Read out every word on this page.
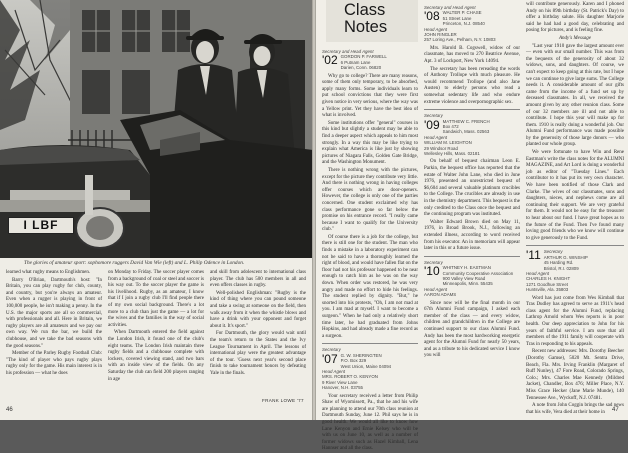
I LBF
The glories of amateur sport: sophomore ruggers David Van Wie (left) and L. Philip Odence in London.

learned what rugby means to Englishmen.

Barry O'Brian, Dartmouth's host: "In Britain, you can play rugby for club, county, and country, but you're always an amateur. Even when a rugger is playing in front of 100,000 people, he isn't making a penny. In the U.S. the major sports are all so commercial, with professionals and all. Here in Britain, we rugby players are all amateurs and we pay our own way. We run the bar, we build the clubhouse, and we take the bad seasons with the good seasons."

Member of the Parley Rugby Football Club: "The kind of player who pays rugby plays rugby only for the game. His main interest is in his profession — what he does

on Monday to Friday. The soccer player comes from a background of coal or steel and soccer is his way out. To the soccer player the game is his livelihood. Rugby, as an amateur, I know that if I join a rugby club I'll find people there of my own social background. There's a lot more to a club than just the game — a lot for the wives and the families in the way of social activities.

When Dartmouth entered the field against the London Irish, it found one of the club's eight teams. The London Irish maintain three rugby fields and a clubhouse complete with lockers, covered viewing stand, and two bars with an inside view of the fields. On any Saturday the club can field 200 players ranging in age

and skill from adolescent to international class player. The club has 500 members in all and even offers classes in rugby.

Well-polished Englishman: "Rugby is the kind of thing where you can pound someone and take a swing at someone on the field, then walk away from it when the whistle blows and have a drink with your opponent and forget about it. It's sport."

For Dartmouth, the glory would wait until the team's return to the States and the Ivy League Tournament in April. The lessons of international play were the greatest advantage of the tour. 'Guess next year's second place finish to take tournament honors by defeating Yale in the finals.

FRANK LOWE '77
46
Class Notes
Secretary and Head Agent
'02 GORDON P. FARWELL
6 Putnam Lane
Darien, Conn. 06820

Why go to college? There are many reasons, some of them only temporary, to be absorbed, apply many forms. Some individuals learn to put school convictions that they were first given notice in very serious, where the way was a Yellow print. Yet they have the best idea of what is involved.

Some institutions offer "general" courses in this kind but slightly a student may be able to find a deeper aspect which appeals to him most strongly. In a way this may be like trying to explain what America is like just by showing pictures of Niagara Falls, Golden Gate Bridge, and the Washington Monument.

There is nothing wrong with the pictures, except for the picture they contribute very little. And there is nothing wrong in having colleges offer courses which are door-openers. However, the college is only one of the parties concerned. One student exclaimed why has class performance gone so far below the promise on his entrance record. "I really came because I want to qualify for the University club."

Of course there is a job for the college, but there is still one for the student. The man who finds a mistake in a laboratory experiment can not be said to have a thoroughly learned the right of blood, and would have fallen flat on the floor had not his professor happened to be near enough to catch him as he was on the way down. When order was restored, he was very angry and made no effort to hide his feelings. The student replied by dignity. "But," he snorted into his protests, "Oh, I am not mad at you. I am mad at myself. I want to become a surgeon." When he had only a relatively short time later, he had graduated from Johns Hopkins, and had already made a fine record as a surgeon.

Secretary
'07 G. W. SHERINGTEN
P.O. Box 329
West Union, Maine 04094
Head Agent
MRS. ROBERT O. KENYON
9 River View Lane
Hanover, N.H. 03755

Your secretary received a letter from Philip Shaw of Wyomissett, Pa., that he and his wife are planning to attend our 70th class reunion at Dartmouth Sunday, June 12. Phil says he is in good health. We would all like to know how Lane Kenyon and Ernie Kelsey who will be with us on June 10, as well as a number of former widows such as Hazel Kimball, Lena Hannser and all the class.

Secretary and Head Agent
'08 WALTER P. CHASE
51 Street Lane
Princeton, N.J. 08540
Head Agent
JOHN RINGLER
257 Loring Ave., Pelham, N.Y. 10803

Mrs. Harold B. Cogswell, widow of our classmate, has moved to 270 Beatrice Avenue, Apt. 3 of Lockport, New York 14094.

The secretary has been rereading the words of Anthony Trollope with much pleasure. He would recommend Trollope (and also Jane Austen) to elderly persons who read a somewhat sedentary life and who endure extreme violence and overpornographic sex.

Secretary
'09 MATTHEW C. FRENCH
Box 472
Sandwich, Mass. 02563
Head Agent
WILLIAM M. LEIGHTON
29 Windsor Road
Wellesley Hills, Mass. 02181

On behalf of bequest chairman Leon E. Parkin, the bequest office has reported that the estate of Walter John Lane, who died in June 1976, presented an unrestricted bequest of $6,604 and several valuable platinum crucibles to the College. The crucibles are already in use in the chemistry department. This bequest is the only credited to the Class once the bequest and the continuing program was instituted.

Walter Edward Brown died on May 11, 1976, in Broad Brook, N.J., following an extended illness, according to word received from his executor. An in memoriam will appear later in this or a future issue.

Secretary
'10 WHITNEY H. EASTMAN
Community Cooperative Association
900 Valley View Road
Minneapolis, Minn. 55435
Head Agent
AARON ADAMS

Since now will be the final month in our 67th Alumni Fund campaign, I asked each member of the class — and every widow, children and grandchildren in the College are continued support to our class Alumni Fund. Andy has been the most hardworking energetic agent for the Alumni Fund for nearly 50 years, and as a tribute to his dedicated service I know you will

will contribute generously. Karen and I phoned Andy on his 89th birthday (St. Patrick's Day) to offer a birthday salute. His daughter Marjorie said he had had a good day, celebrating and posing for pictures, and is feeling fine.

Andy's Message

"Last year 1910 gave the largest amount ever — even with our small number. This was from the bequests of the generosity of about 32 widows, sons, and daughters. Of course, we can't expect to keep going at this rate, but I hope we can continue to give large sums. The College needs it. A considerable amount of our gifts came from the income of a fund set up by deceased classmates. In all, we received the amount given by any other reunion class. Some of our 32 members are ill and not able to contribute. I hope this year will make up for them. 1910 is really doing a wonderful job. Our Alumni Fund performance was made possible by the generosity of those large donors — who planted our whole group.

We were fortunate to have Win and Rene Eastman's write the class notes for the ALUMNI MAGAZINE, and Art Lord is doing a wonderful job as editor of "Tuesday Lines." Each contributor to it has put its very own character. We have been notified of those Clark and Clarke. The wives of our classmates, sons and daughters, nieces, and nephews come are all continuing their support. We are very grateful for them. It would not be easy for the treasurer to hear about our fund. I have great hopes as to the future of the Fund. Then I've found many loving good friends who we know will continue to give generously to the Fund.

'11 Secretary
ARTHUR G. WINSHIP
45 Harding Rd.
Bristol, R.I. 02809
Head Agent
CHARLES H. KNIGHT
1271 Goodhue Street
Huntsville, Ala. 35803

Word has just come from Wes Kimball that Tras Dudley has agreed to serve as 1911's head class agent for the Alumni Fund, replacing Lathrop Arnold whom Wes reports is in poor health. Our deep appreciation to John for his years of faithful service. I am sure that all members of the 1911 family will cooperate with Tras in responding to his appeals.

Recent new addresses: Mrs. Dorothy Beecher (Dorothy Gamse), 5020 Mt. Sentra Drive, Beach, Fla. Mrs. Irving Franklin (Margaret of Ruff Nunley), 47 Fore Road, Colorado Springs, Colo.; Mrs. Charles Mae Kennedy (Mildred Jacket), Chandler, Box 476; Miller Place, N.Y. Miss Grace Hecker (Jane Marie Munde), 140 Tennessee Ave., Wyckoff, N.J. 07481.

A note from John Coggin brings the sad news that his wife, Vera died at their home in	47
